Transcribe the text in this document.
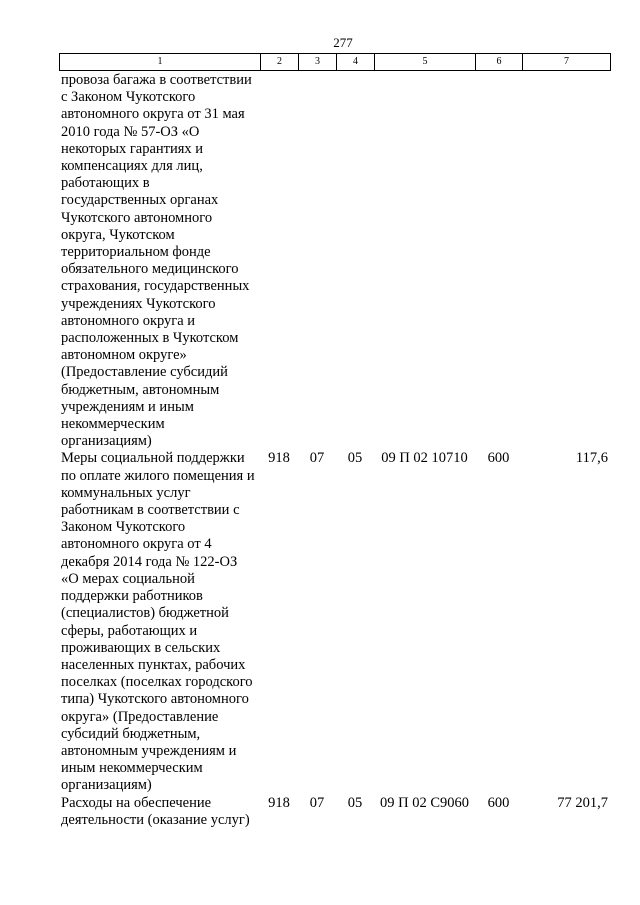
277
1	2	3	4	5	6	7
провоза багажа в соответствии с Законом Чукотского автономного округа от 31 мая 2010 года № 57-ОЗ «О некоторых гарантиях и компенсациях для лиц, работающих в государственных органах Чукотского автономного округа, Чукотском территориальном фонде обязательного медицинского страхования, государственных учреждениях Чукотского автономного округа и расположенных в Чукотском автономном округе» (Предоставление субсидий бюджетным, автономным учреждениям и иным некоммерческим организациям)						
Меры социальной поддержки по оплате жилого помещения и коммунальных услуг работникам в соответствии с Законом Чукотского автономного округа от 4 декабря 2014 года № 122-ОЗ «О мерах социальной поддержки работников (специалистов) бюджетной сферы, работающих и проживающих в сельских населенных пунктах, рабочих поселках (поселках городского типа) Чукотского автономного округа» (Предоставление субсидий бюджетным, автономным учреждениям и иным некоммерческим организациям)	918	07	05	09 П 02 10710	600	117,6
Расходы на обеспечение деятельности (оказание услуг)	918	07	05	09 П 02 С9060	600	77 201,7
